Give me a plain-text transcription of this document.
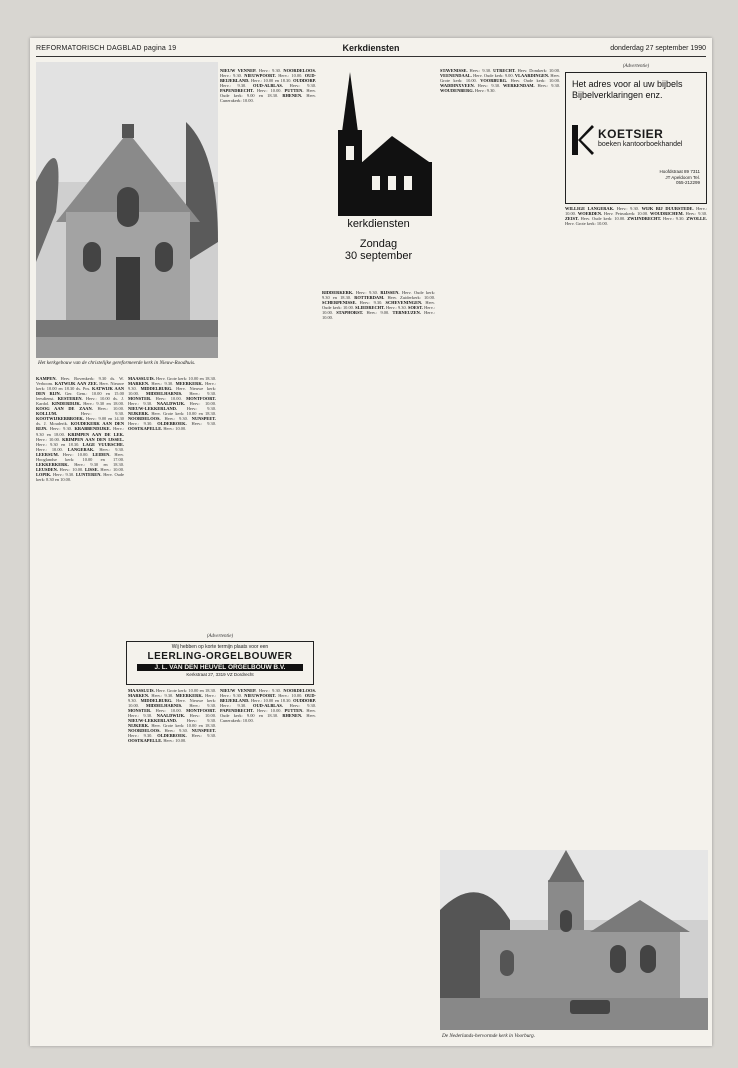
REFORMATORISCH DAGBLAD pagina 19	Kerkdiensten	donderdag 27 september 1990
Het kerkgebouw van de christelijke gereformeerde kerk in Nieuw-Roodhuis.
KAMPEN. Herv. Bovenkerk: 9.30 ds. W. Verboom. KATWIJK AAN ZEE. Herv. Nieuwe kerk: 10.00 en 18.30 ds. Pos. KATWIJK AAN DEN RIJN. Ger. Gem.: 10.00 en 15.00 leesdienst. KESTEREN. Herv.: 10.00 ds. J. Kardol. KINDERDIJK. Herv.: 9.30 en 18.00. KOOG AAN DE ZAAN. Herv.: 10.00. KOLLUM. Herv.: 9.30. KOOTWIJKERBROEK. Herv.: 9.00 en 14.30 ds. J. Mouderik. KOUDEKERK AAN DEN RIJN. Herv.: 9.30. KRABBENDIJKE. Herv.: 9.30 en 18.00. KRIMPEN AAN DE LEK. Herv.: 10.00. KRIMPEN AAN DEN IJSSEL. Herv.: 9.30 en 18.30. LAGE VUURSCHE. Herv.: 10.00. LANGERAK. Herv.: 9.30. LEERSUM. Herv.: 10.00. LEIDEN. Herv. Hooglandse kerk: 10.00 en 17.00. LEKKERKERK. Herv.: 9.30 en 18.30. LEUSDEN. Herv.: 10.00. LISSE. Herv.: 10.00. LOPIK. Herv.: 9.30. LUNTEREN. Herv. Oude kerk: 8.30 en 10.00.
MAASSLUIS. Herv. Grote kerk: 10.00 en 18.30. MARKEN. Herv.: 9.30. MEERKERK. Herv.: 9.30. MIDDELBURG. Herv. Nieuwe kerk: 10.00. MIDDELHARNIS. Herv.: 9.30. MONSTER. Herv.: 10.00. MONTFOORT. Herv.: 9.30. NAALDWIJK. Herv.: 10.00. NIEUW-LEKKERLAND. Herv.: 9.30. NIJKERK. Herv. Grote kerk: 10.00 en 18.30. NOORDELOOS. Herv.: 9.30. NUNSPEET. Herv.: 9.30. OLDEBROEK. Herv.: 9.30. OOSTKAPELLE. Herv.: 10.00.
(Advertentie)
Wij hebben op korte termijn plaats voor een
LEERLING-ORGELBOUWER
J. L. VAN DEN HEUVEL ORGELBOUW B.V.
Kerkstraat 27, 3319 VZ Dordrecht
MAASSLUIS. Herv. Grote kerk: 10.00 en 18.30. MARKEN. Herv.: 9.30. MEERKERK. Herv.: 9.30. MIDDELBURG. Herv. Nieuwe kerk: 10.00. MIDDELHARNIS. Herv.: 9.30. MONSTER. Herv.: 10.00. MONTFOORT. Herv.: 9.30. NAALDWIJK. Herv.: 10.00. NIEUW-LEKKERLAND. Herv.: 9.30. NIJKERK. Herv. Grote kerk: 10.00 en 18.30. NOORDELOOS. Herv.: 9.30. NUNSPEET. Herv.: 9.30. OLDEBROEK. Herv.: 9.30. OOSTKAPELLE. Herv.: 10.00.
NIEUW VENNEP. Herv.: 9.30. NOORDELOOS. Herv.: 9.30. NIEUWPOORT. Herv.: 10.00. OUD-BEIJERLAND. Herv.: 10.00 en 18.30. OUDDORP. Herv.: 9.30. OUD-ALBLAS. Herv.: 9.30. PAPENDRECHT. Herv.: 10.00. PUTTEN. Herv. Oude kerk: 9.00 en 18.30. RHENEN. Herv. Cunerakerk: 10.00.
NIEUW VENNEP. Herv.: 9.30. NOORDELOOS. Herv.: 9.30. NIEUWPOORT. Herv.: 10.00. OUD-BEIJERLAND. Herv.: 10.00 en 18.30. OUDDORP. Herv.: 9.30. OUD-ALBLAS. Herv.: 9.30. PAPENDRECHT. Herv.: 10.00. PUTTEN. Herv. Oude kerk: 9.00 en 18.30. RHENEN. Herv. Cunerakerk: 10.00.
kerkdiensten
Zondag
30 september
RIDDERKERK. Herv.: 9.30. RIJSSEN. Herv. Oude kerk: 9.30 en 18.30. ROTTERDAM. Herv. Zuiderkerk: 10.00. SCHERPENISSE. Herv.: 9.30. SCHEVENINGEN. Herv. Oude kerk: 10.00. SLIEDRECHT. Herv.: 9.30. SOEST. Herv.: 10.00. STAPHORST. Herv.: 9.00. TERNEUZEN. Herv.: 10.00.
STAVENISSE. Herv.: 9.30. UTRECHT. Herv. Domkerk: 10.00. VEENENDAAL. Herv. Oude kerk: 9.00. VLAARDINGEN. Herv. Grote kerk: 10.00. VOORBURG. Herv. Oude kerk: 10.00. WADDINXVEEN. Herv.: 9.30. WERKENDAM. Herv.: 9.30. WOUDENBERG. Herv.: 9.30.
(Advertentie)
Het adres voor al uw bijbels Bijbelverklaringen enz.
KOETSIER
boeken kantoorboekhandel
Hoofdstraat 89 7311 JT Apeldoorn Tel. 055-212299
WILLIGE LANGERAK. Herv.: 9.30. WIJK BIJ DUURSTEDE. Herv.: 10.00. WOERDEN. Herv. Petruskerk: 10.00. WOUDRICHEM. Herv.: 9.30. ZEIST. Herv. Oude kerk: 10.00. ZWIJNDRECHT. Herv.: 9.30. ZWOLLE. Herv. Grote kerk: 10.00.
De Nederlands-hervormde kerk in Voorburg.
